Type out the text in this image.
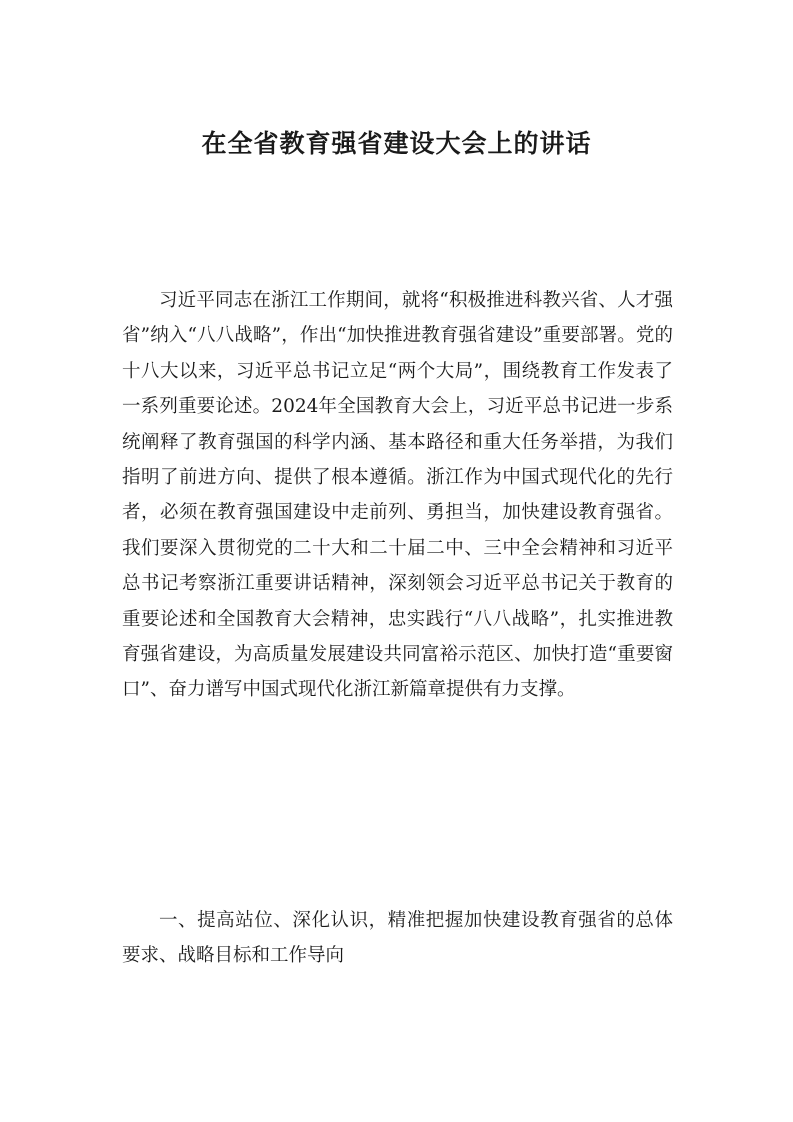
在全省教育强省建设大会上的讲话

习近平同志在浙江工作期间，就将“积极推进科教兴省、人才强省”纳入“八八战略”，作出“加快推进教育强省建设”重要部署。党的十八大以来，习近平总书记立足“两个大局”，围绕教育工作发表了一系列重要论述。2024年全国教育大会上，习近平总书记进一步系统阐释了教育强国的科学内涵、基本路径和重大任务举措，为我们指明了前进方向、提供了根本遵循。浙江作为中国式现代化的先行者，必须在教育强国建设中走前列、勇担当，加快建设教育强省。我们要深入贯彻党的二十大和二十届二中、三中全会精神和习近平总书记考察浙江重要讲话精神，深刻领会习近平总书记关于教育的重要论述和全国教育大会精神，忠实践行“八八战略”，扎实推进教育强省建设，为高质量发展建设共同富裕示范区、加快打造“重要窗口”、奋力谱写中国式现代化浙江新篇章提供有力支撑。

一、提高站位、深化认识，精准把握加快建设教育强省的总体要求、战略目标和工作导向
